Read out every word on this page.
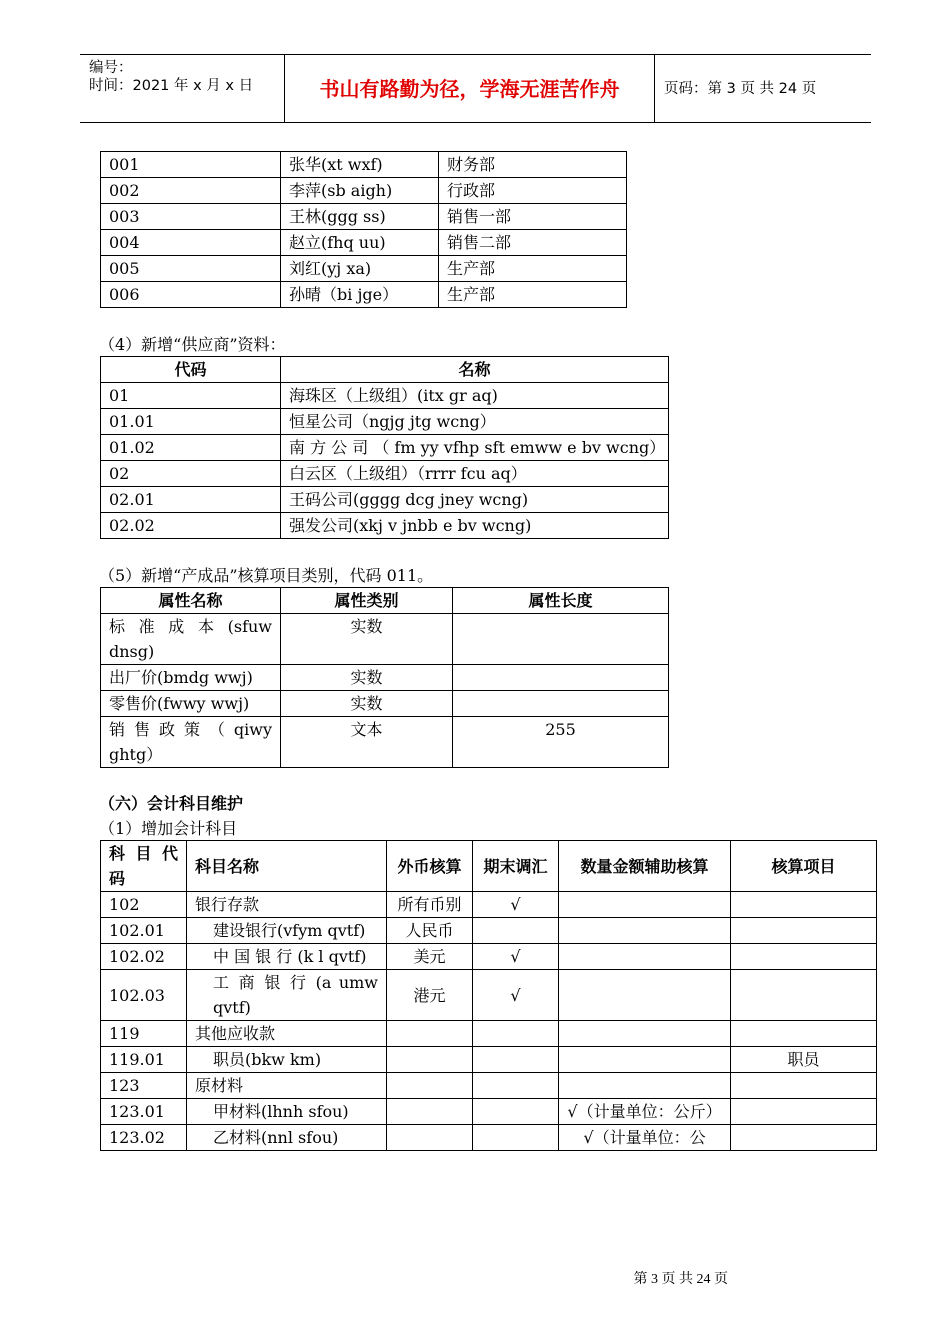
编号：
时间：2021 年 x 月 x 日	书山有路勤为径，学海无涯苦作舟	页码：第 3 页 共 24 页
001	张华(xt wxf)	财务部
002	李萍(sb aigh)	行政部
003	王林(ggg ss)	销售一部
004	赵立(fhq uu)	销售二部
005	刘红(yj xa)	生产部
006	孙晴（bi jge）	生产部
（4）新增“供应商”资料：
代码	名称
01	海珠区（上级组）(itx gr aq)
01.01	恒星公司（ngjg jtg wcng）
01.02	南 方 公 司 （ fm yy vfhp sft emww e bv wcng）
02	白云区（上级组）（rrrr fcu aq）
02.01	王码公司(gggg dcg jney wcng)
02.02	强发公司(xkj v jnbb e bv wcng)
（5）新增“产成品”核算项目类别，代码 011。
属性名称	属性类别	属性长度
标 准 成 本 (sfuw dnsg)	实数	
出厂价(bmdg wwj)	实数	
零售价(fwwy wwj)	实数	
销 售 政 策 （ qiwy ghtg）	文本	255
（六）会计科目维护
（1）增加会计科目
科 目 代 码	科目名称	外币核算	期末调汇	数量金额辅助核算	核算项目
102	银行存款	所有币别	√		
102.01	建设银行(vfym qvtf)	人民币			
102.02	中 国 银 行 (k l qvtf)	美元	√		
102.03	工 商 银 行 (a umw qvtf)	港元	√		
119	其他应收款				
119.01	职员(bkw km)				职员
123	原材料				
123.01	甲材料(lhnh sfou)			√（计量单位：公斤）	
123.02	乙材料(nnl sfou)			√（计量单位：公	
第 3 页 共 24 页
